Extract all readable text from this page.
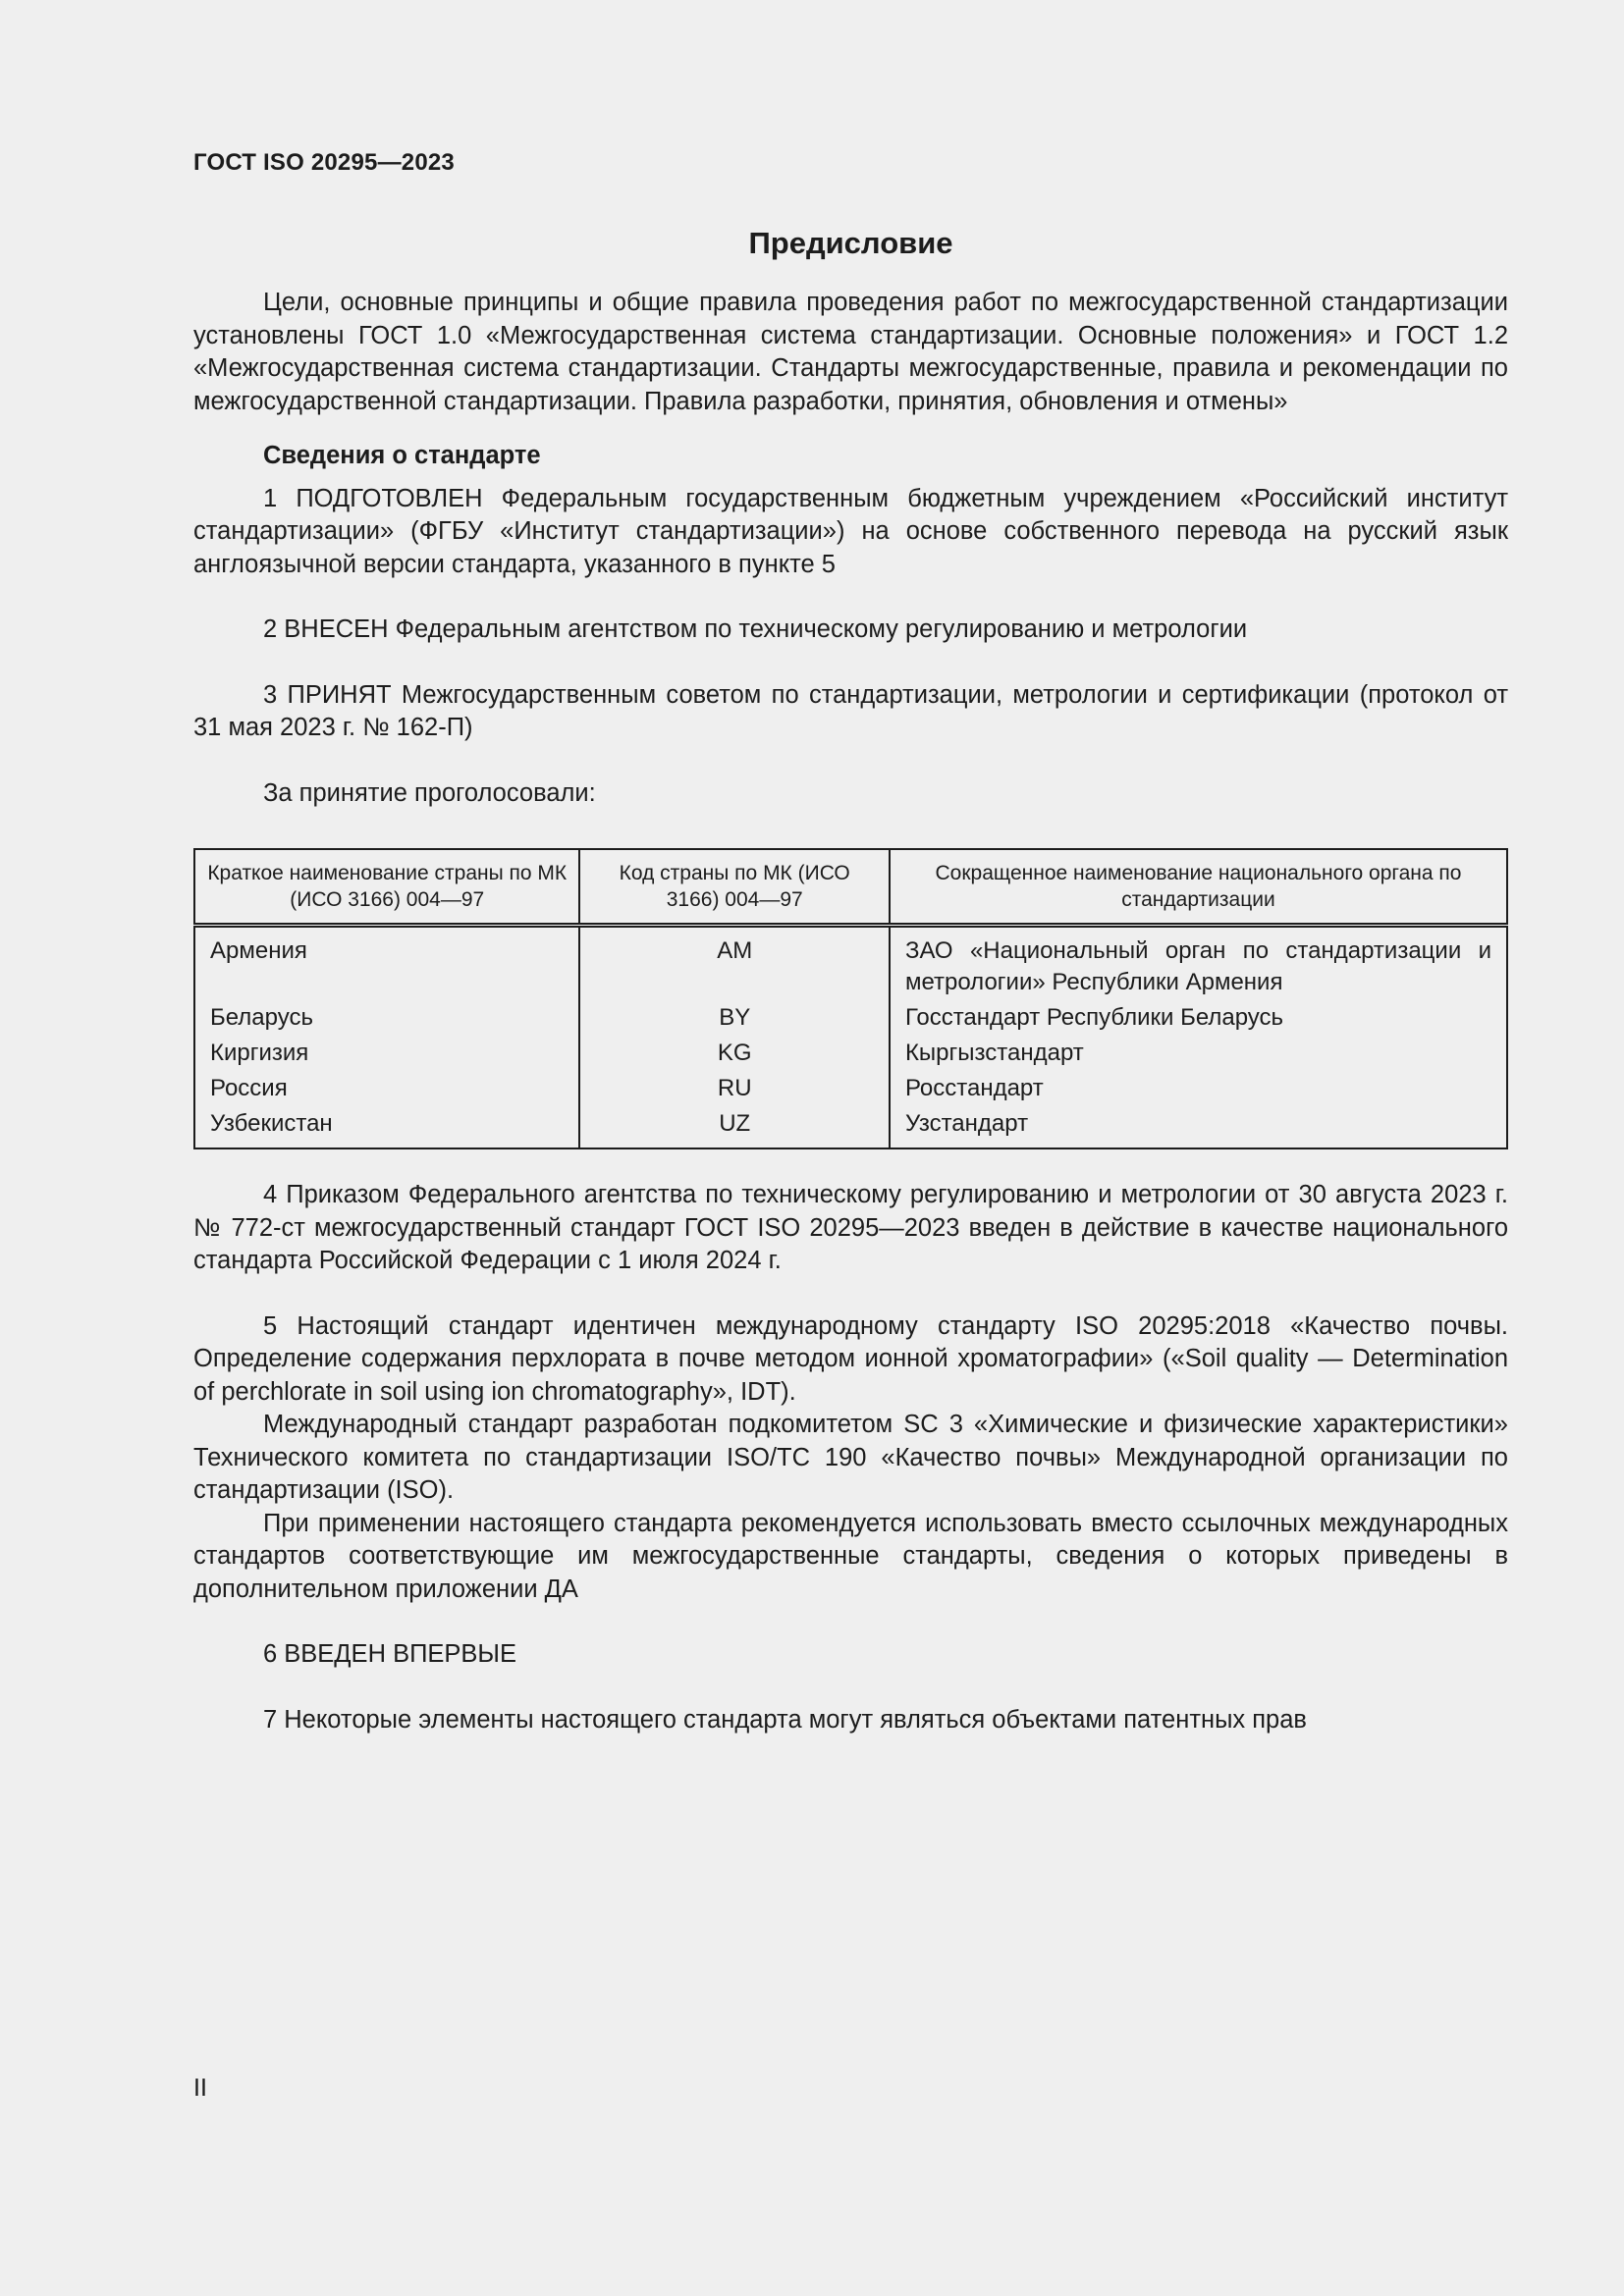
ГОСТ ISO 20295—2023
Предисловие

Цели, основные принципы и общие правила проведения работ по межгосударственной стандартизации установлены ГОСТ 1.0 «Межгосударственная система стандартизации. Основные положения» и ГОСТ 1.2 «Межгосударственная система стандартизации. Стандарты межгосударственные, правила и рекомендации по межгосударственной стандартизации. Правила разработки, принятия, обновления и отмены»

Сведения о стандарте

1 ПОДГОТОВЛЕН Федеральным государственным бюджетным учреждением «Российский институт стандартизации» (ФГБУ «Институт стандартизации») на основе собственного перевода на русский язык англоязычной версии стандарта, указанного в пункте 5

2 ВНЕСЕН Федеральным агентством по техническому регулированию и метрологии

3 ПРИНЯТ Межгосударственным советом по стандартизации, метрологии и сертификации (протокол от 31 мая 2023 г. № 162-П)

За принятие проголосовали:

Краткое наименование страны по МК (ИСО 3166) 004—97	Код страны по МК (ИСО 3166) 004—97	Сокращенное наименование национального органа по стандартизации
Армения	AM	ЗАО «Национальный орган по стандартизации и метрологии» Республики Армения
Беларусь	BY	Госстандарт Республики Беларусь
Киргизия	KG	Кыргызстандарт
Россия	RU	Росстандарт
Узбекистан	UZ	Узстандарт

4 Приказом Федерального агентства по техническому регулированию и метрологии от 30 августа 2023 г. № 772-ст межгосударственный стандарт ГОСТ ISO 20295—2023 введен в действие в качестве национального стандарта Российской Федерации с 1 июля 2024 г.

5 Настоящий стандарт идентичен международному стандарту ISO 20295:2018 «Качество почвы. Определение содержания перхлората в почве методом ионной хроматографии» («Soil quality — Determination of perchlorate in soil using ion chromatography», IDT).

Международный стандарт разработан подкомитетом SC 3 «Химические и физические характеристики» Технического комитета по стандартизации ISO/TC 190 «Качество почвы» Международной организации по стандартизации (ISO).

При применении настоящего стандарта рекомендуется использовать вместо ссылочных международных стандартов соответствующие им межгосударственные стандарты, сведения о которых приведены в дополнительном приложении ДА

6 ВВЕДЕН ВПЕРВЫЕ

7 Некоторые элементы настоящего стандарта могут являться объектами патентных прав

II
